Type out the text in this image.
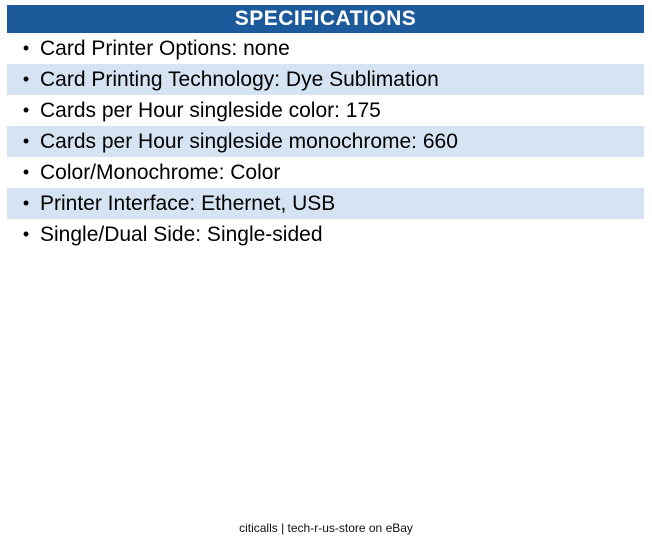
SPECIFICATIONS
• Card Printer Options: none
• Card Printing Technology: Dye Sublimation
• Cards per Hour singleside color: 175
• Cards per Hour singleside monochrome: 660
• Color/Monochrome: Color
• Printer Interface: Ethernet, USB
• Single/Dual Side: Single-sided
citicalls | tech-r-us-store on eBay
